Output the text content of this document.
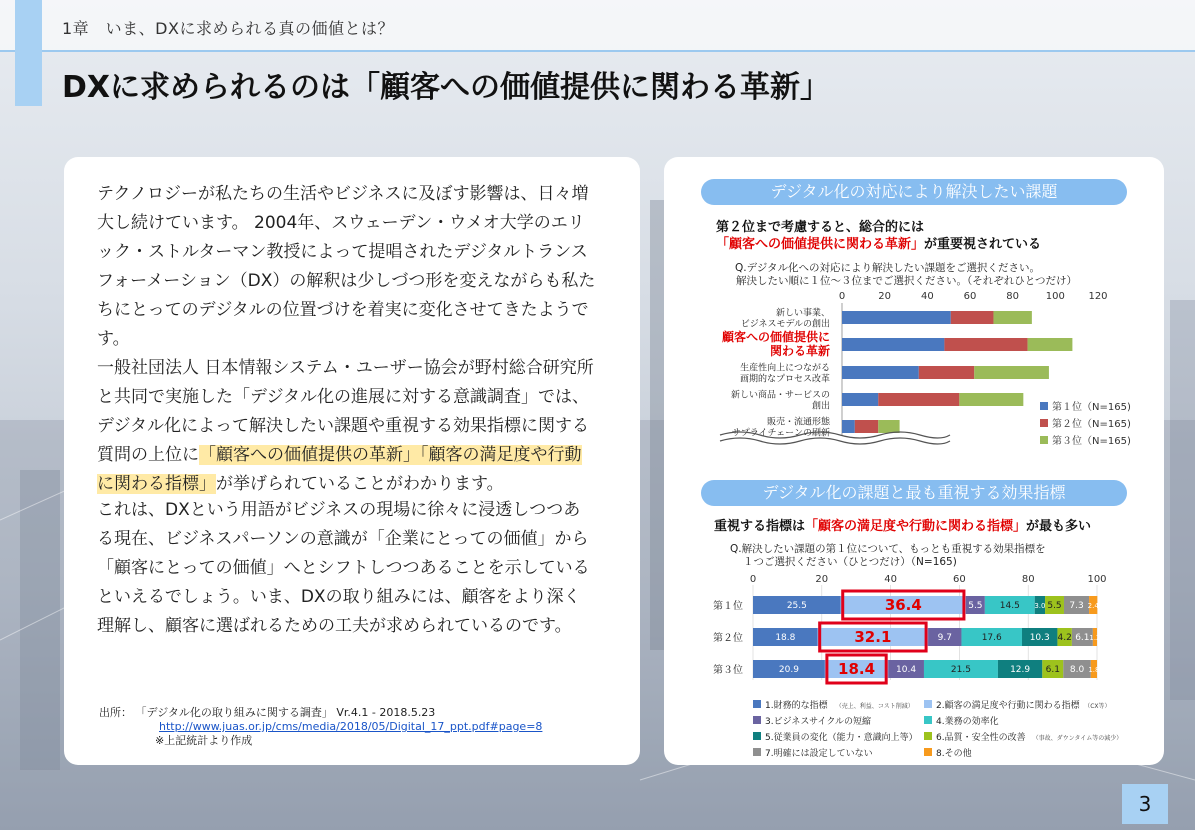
1章　いま、DXに求められる真の価値とは？
DXに求められるのは「顧客への価値提供に関わる革新」
テクノロジーが私たちの生活やビジネスに及ぼす影響は、日々増大し続けています。 2004年、スウェーデン・ウメオ大学のエリック・ストルターマン教授によって提唱されたデジタルトランスフォーメーション（DX）の解釈は少しづつ形を変えながらも私たちにとってのデジタルの位置づけを着実に変化させてきたようです。
一般社団法人 日本情報システム・ユーザー協会が野村総合研究所と共同で実施した「デジタル化の進展に対する意識調査」では、デジタル化によって解決したい課題や重視する効果指標に関する質問の上位に「顧客への価値提供の革新」「顧客の満足度や行動に関わる指標」が挙げられていることがわかります。
これは、DXという用語がビジネスの現場に徐々に浸透しつつある現在、ビジネスパーソンの意識が「企業にとっての価値」から「顧客にとっての価値」へとシフトしつつあることを示しているといえるでしょう。いま、DXの取り組みには、顧客をより深く理解し、顧客に選ばれるための工夫が求められているのです。
出所： 「デジタル化の取り組みに関する調査」 Vr.4.1 - 2018.5.23
http://www.juas.or.jp/cms/media/2018/05/Digital_17_ppt.pdf#page=8
※上記統計より作成
デジタル化の対応により解決したい課題
第２位まで考慮すると、総合的には
「顧客への価値提供に関わる革新」が重要視されている
Q.デジタル化への対応により解決したい課題をご選択ください。
解決したい順に１位～３位までご選択ください。（それぞれひとつだけ）
0	20	40	60	80	100 120
新しい事業、
ビジネスモデルの創出
顧客への価値提供に
関わる革新
生産性向上につながる
画期的なプロセス改革
新しい商品・サービスの
創出
販売・流通形態
サプライチェーンの刷新
第１位（N=165)
第２位（N=165)
第３位（N=165)
デジタル化の課題と最も重視する効果指標
重視する指標は「顧客の満足度や行動に関わる指標」が最も多い
Q.解決したい課題の第１位について、もっとも重視する効果指標を
１つご選択ください（ひとつだけ）（N=165)
0	20	40	60	80	100
第１位	25.5	36.4	5.5 14.5 3.0 5.5 7.3 2.4
第２位	18.8	32.1	9.7	17.6	10.3 4.2 6.1 1.2
第３位	20.9	18.4 10.4	21.5	12.9 6.1 8.0 1.8
1.財務的な指標 （売上、利益、コスト削減） 2.顧客の満足度や行動に関わる指標 （CX等）
3.ビジネスサイクルの短縮	4.業務の効率化
5.従業員の変化（能力・意識向上等） 6.品質・安全性の改善 （事故、ダウンタイム等の減少）
7.明確には設定していない	8.その他
3
